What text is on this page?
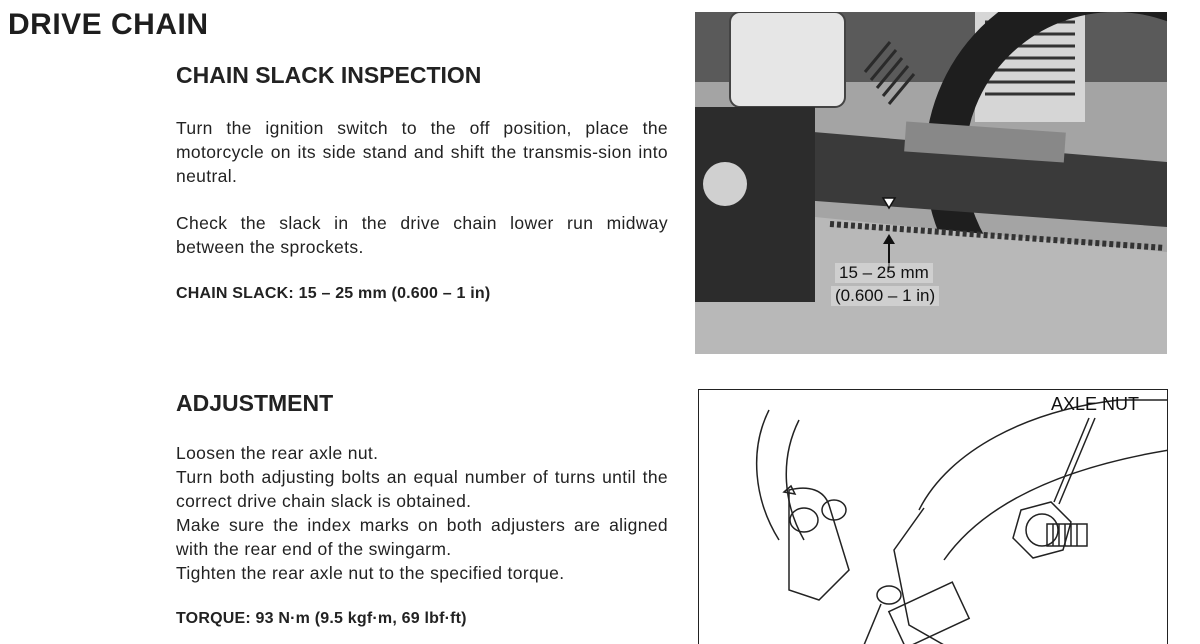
DRIVE CHAIN
CHAIN SLACK INSPECTION

Turn the ignition switch to the off position, place the motorcycle on its side stand and shift the transmis-sion into neutral.

Check the slack in the drive chain lower run midway between the sprockets.

CHAIN SLACK: 15 – 25 mm (0.600 – 1 in)

15 – 25 mm
(0.600 – 1 in)
ADJUSTMENT

Loosen the rear axle nut.

Turn both adjusting bolts an equal number of turns until the correct drive chain slack is obtained.

Make sure the index marks on both adjusters are aligned with the rear end of the swingarm.

Tighten the rear axle nut to the specified torque.

TORQUE: 93 N·m (9.5 kgf·m, 69 lbf·ft)

AXLE NUT
